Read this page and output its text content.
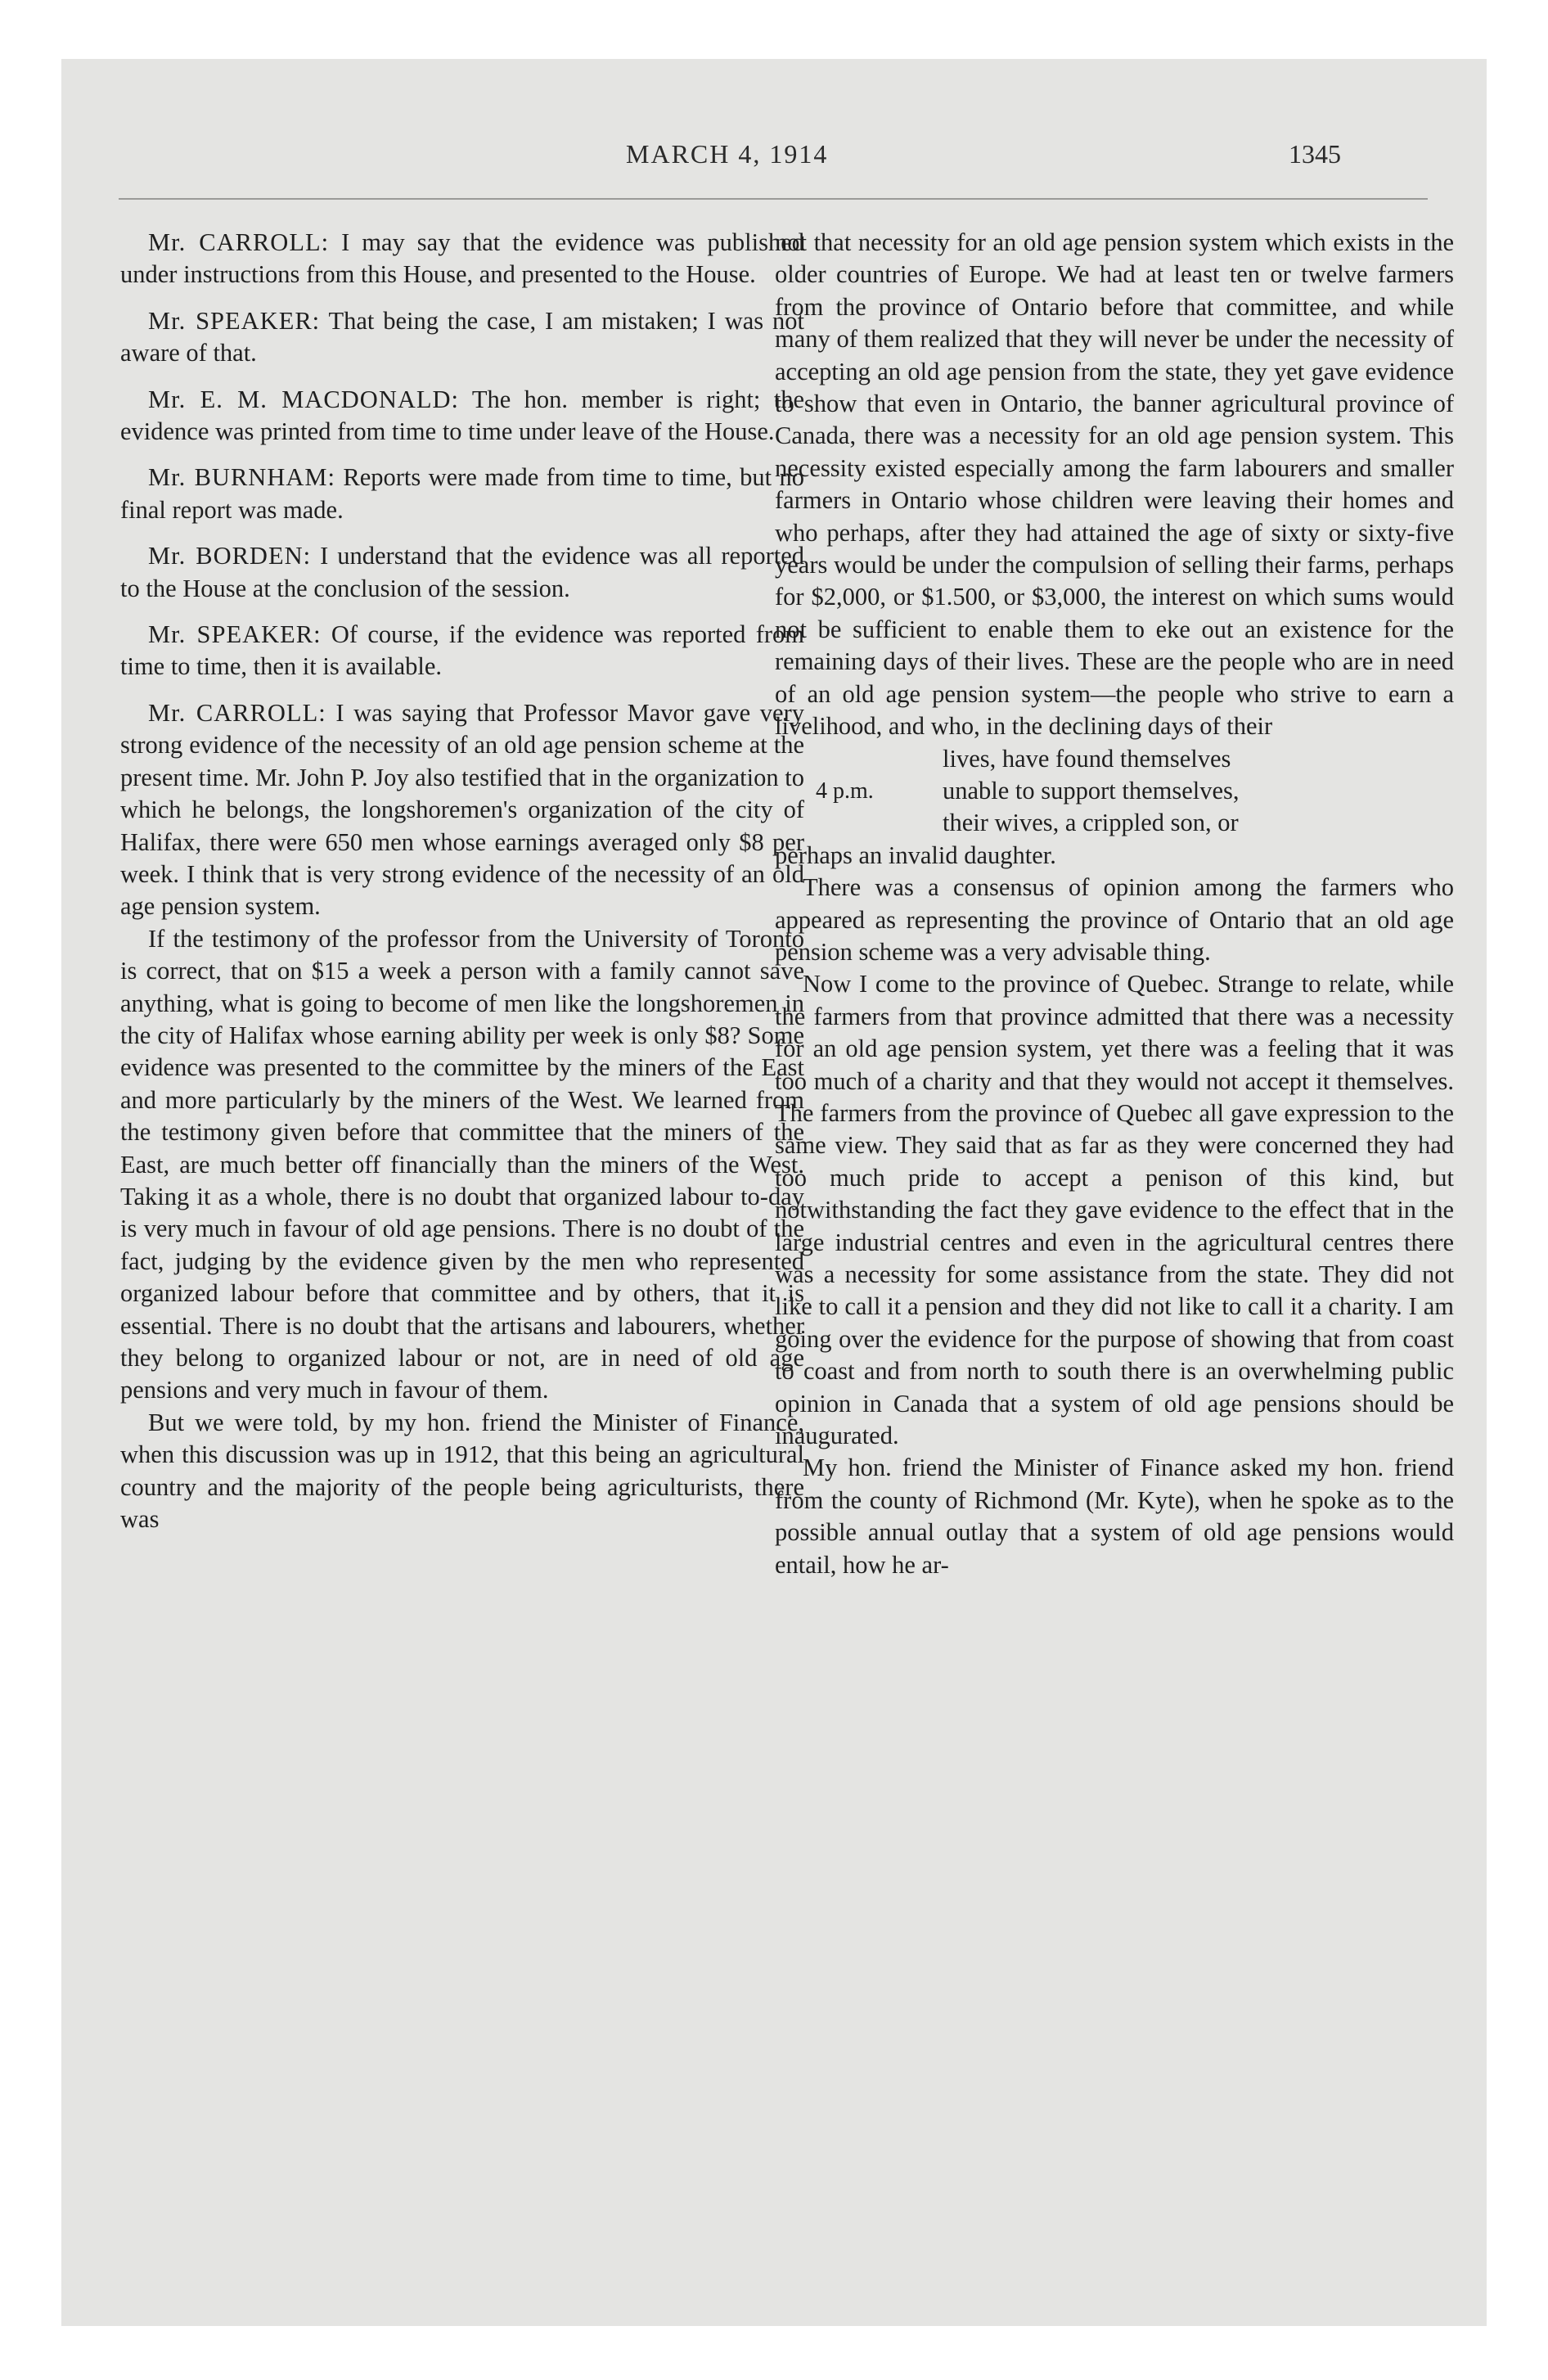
MARCH 4, 1914	1345

Mr. CARROLL: I may say that the evidence was published under instructions from this House, and presented to the House.

Mr. SPEAKER: That being the case, I am mistaken; I was not aware of that.

Mr. E. M. MACDONALD: The hon. member is right; the evidence was printed from time to time under leave of the House.

Mr. BURNHAM: Reports were made from time to time, but no final report was made.

Mr. BORDEN: I understand that the evidence was all reported to the House at the conclusion of the session.

Mr. SPEAKER: Of course, if the evidence was reported from time to time, then it is available.

Mr. CARROLL: I was saying that Professor Mavor gave very strong evidence of the necessity of an old age pension scheme at the present time. Mr. John P. Joy also testified that in the organization to which he belongs, the longshoremen's organization of the city of Halifax, there were 650 men whose earnings averaged only $8 per week. I think that is very strong evidence of the necessity of an old age pension system.

If the testimony of the professor from the University of Toronto is correct, that on $15 a week a person with a family cannot save anything, what is going to become of men like the longshoremen in the city of Halifax whose earning ability per week is only $8? Some evidence was presented to the committee by the miners of the East and more particularly by the miners of the West. We learned from the testimony given before that committee that the miners of the East, are much better off financially than the miners of the West. Taking it as a whole, there is no doubt that organized labour to-day is very much in favour of old age pensions. There is no doubt of the fact, judging by the evidence given by the men who represented organized labour before that committee and by others, that it is essential. There is no doubt that the artisans and labourers, whether they belong to organized labour or not, are in need of old age pensions and very much in favour of them.

But we were told, by my hon. friend the Minister of Finance, when this discussion was up in 1912, that this being an agricultural country and the majority of the people being agriculturists, there was

not that necessity for an old age pension system which exists in the older countries of Europe. We had at least ten or twelve farmers from the province of Ontario before that committee, and while many of them realized that they will never be under the necessity of accepting an old age pension from the state, they yet gave evidence to show that even in Ontario, the banner agricultural province of Canada, there was a necessity for an old age pension system. This necessity existed especially among the farm labourers and smaller farmers in Ontario whose children were leaving their homes and who perhaps, after they had attained the age of sixty or sixty-five years would be under the compulsion of selling their farms, perhaps for $2,000, or $1.500, or $3,000, the interest on which sums would not be sufficient to enable them to eke out an existence for the remaining days of their lives. These are the people who are in need of an old age pension system—the people who strive to earn a livelihood, and who, in the declining days of their

lives, have found themselves
4 p.m.	unable to support themselves,
their wives, a crippled son, or

perhaps an invalid daughter.

There was a consensus of opinion among the farmers who appeared as representing the province of Ontario that an old age pension scheme was a very advisable thing.

Now I come to the province of Quebec. Strange to relate, while the farmers from that province admitted that there was a necessity for an old age pension system, yet there was a feeling that it was too much of a charity and that they would not accept it themselves. The farmers from the province of Quebec all gave expression to the same view. They said that as far as they were concerned they had too much pride to accept a penison of this kind, but notwithstanding the fact they gave evidence to the effect that in the large industrial centres and even in the agricultural centres there was a necessity for some assistance from the state. They did not like to call it a pension and they did not like to call it a charity. I am going over the evidence for the purpose of showing that from coast to coast and from north to south there is an overwhelming public opinion in Canada that a system of old age pensions should be inaugurated.

My hon. friend the Minister of Finance asked my hon. friend from the county of Richmond (Mr. Kyte), when he spoke as to the possible annual outlay that a system of old age pensions would entail, how he ar-
